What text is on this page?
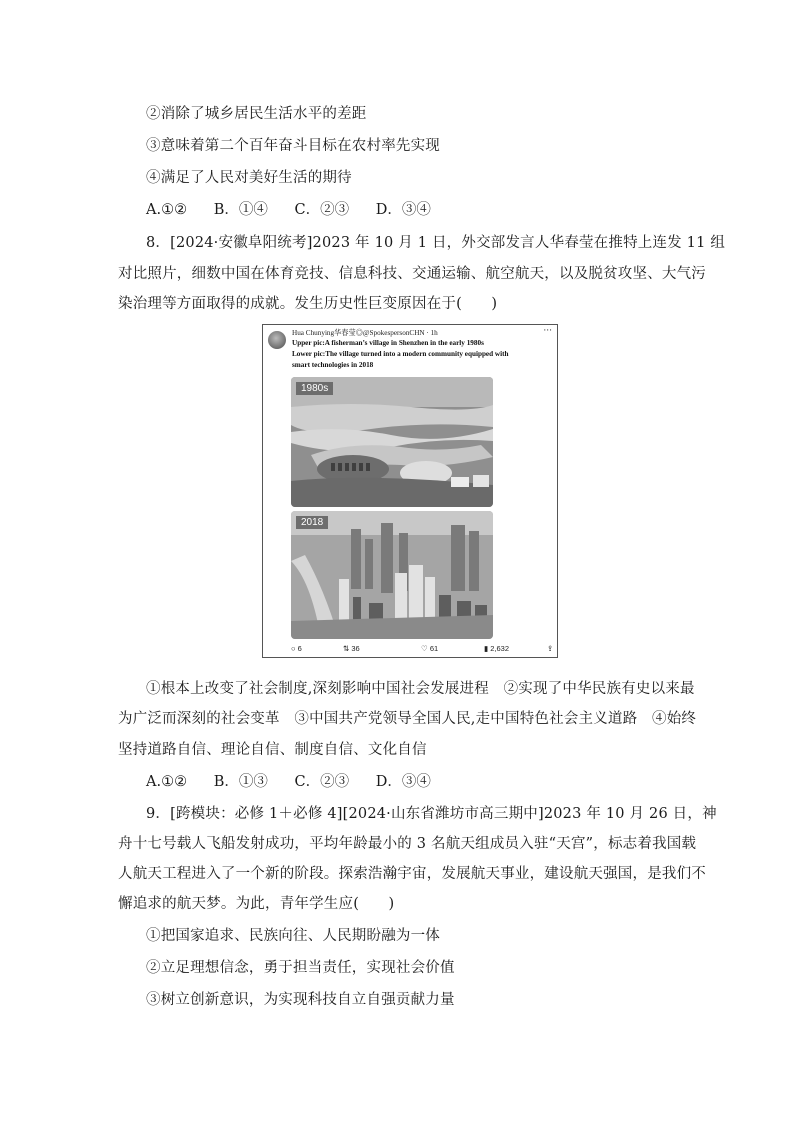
②消除了城乡居民生活水平的差距
③意味着第二个百年奋斗目标在农村率先实现
④满足了人民对美好生活的期待
A.①② B．①④ C．②③ D．③④
8．[2024·安徽阜阳统考]2023 年 10 月 1 日，外交部发言人华春莹在推特上连发 11 组
对比照片，细数中国在体育竞技、信息科技、交通运输、航空航天，以及脱贫攻坚、大气污
染治理等方面取得的成就。发生历史性巨变原因在于(　　)
Hua Chunying华春莹◎@SpokespersonCHN · 1h	···
Upper pic:A fisherman’s village in Shenzhen in the early 1980s
Lower pic:The village turned into a modern community equipped with
smart technologies in 2018
1980s
2018
○ 6	⇅ 36	♡ 61	▮ 2,632	⇪
①根本上改变了社会制度,深刻影响中国社会发展进程　②实现了中华民族有史以来最
为广泛而深刻的社会变革　③中国共产党领导全国人民,走中国特色社会主义道路　④始终
坚持道路自信、理论自信、制度自信、文化自信
A.①② B．①③ C．②③ D．③④
9．[跨模块：必修 1＋必修 4][2024·山东省潍坊市高三期中]2023 年 10 月 26 日，神
舟十七号载人飞船发射成功，平均年龄最小的 3 名航天组成员入驻“天宫”，标志着我国载
人航天工程进入了一个新的阶段。探索浩瀚宇宙，发展航天事业，建设航天强国，是我们不
懈追求的航天梦。为此，青年学生应(　　)
①把国家追求、民族向往、人民期盼融为一体
②立足理想信念，勇于担当责任，实现社会价值
③树立创新意识，为实现科技自立自强贡献力量
